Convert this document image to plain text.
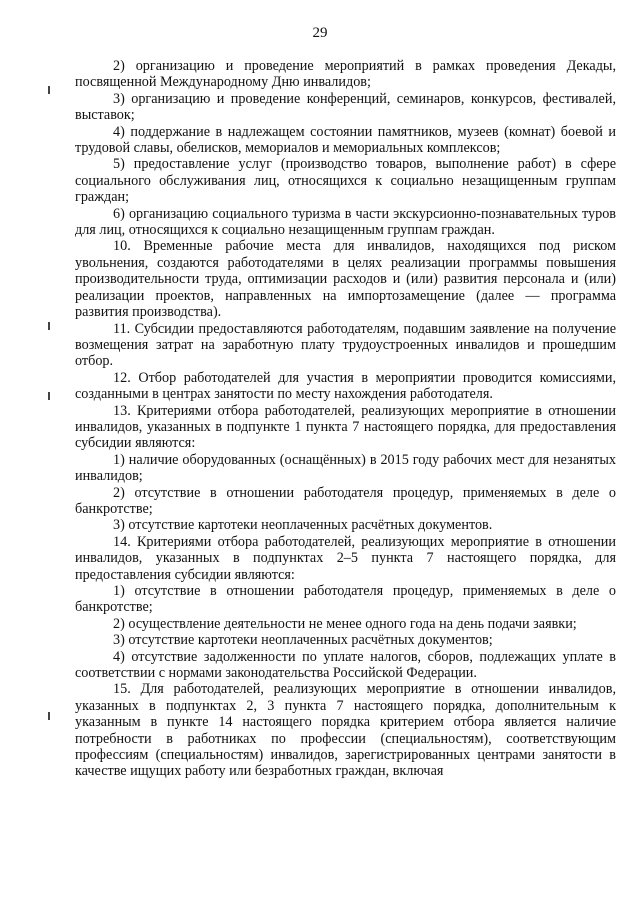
29

2) организацию и проведение мероприятий в рамках проведения Декады, посвященной Международному Дню инвалидов;

3) организацию и проведение конференций, семинаров, конкурсов, фестивалей, выставок;

4) поддержание в надлежащем состоянии памятников, музеев (комнат) боевой и трудовой славы, обелисков, мемориалов и мемориальных комплексов;

5) предоставление услуг (производство товаров, выполнение работ) в сфере социального обслуживания лиц, относящихся к социально незащищенным группам граждан;

6) организацию социального туризма в части экскурсионно-познавательных туров для лиц, относящихся к социально незащищенным группам граждан.

10. Временные рабочие места для инвалидов, находящихся под риском увольнения, создаются работодателями в целях реализации программы повышения производительности труда, оптимизации расходов и (или) развития персонала и (или) реализации проектов, направленных на импортозамещение (далее — программа развития производства).

11. Субсидии предоставляются работодателям, подавшим заявление на получение возмещения затрат на заработную плату трудоустроенных инвалидов и прошедшим отбор.

12. Отбор работодателей для участия в мероприятии проводится комиссиями, созданными в центрах занятости по месту нахождения работодателя.

13. Критериями отбора работодателей, реализующих мероприятие в отношении инвалидов, указанных в подпункте 1 пункта 7 настоящего порядка, для предоставления субсидии являются:

1) наличие оборудованных (оснащённых) в 2015 году рабочих мест для незанятых инвалидов;

2) отсутствие в отношении работодателя процедур, применяемых в деле о банкротстве;

3) отсутствие картотеки неоплаченных расчётных документов.

14. Критериями отбора работодателей, реализующих мероприятие в отношении инвалидов, указанных в подпунктах 2–5 пункта 7 настоящего порядка, для предоставления субсидии являются:

1) отсутствие в отношении работодателя процедур, применяемых в деле о банкротстве;

2) осуществление деятельности не менее одного года на день подачи заявки;

3) отсутствие картотеки неоплаченных расчётных документов;

4) отсутствие задолженности по уплате налогов, сборов, подлежащих уплате в соответствии с нормами законодательства Российской Федерации.

15. Для работодателей, реализующих мероприятие в отношении инвалидов, указанных в подпунктах 2, 3 пункта 7 настоящего порядка, дополнительным к указанным в пункте 14 настоящего порядка критерием отбора является наличие потребности в работниках по профессии (специальностям), соответствующим профессиям (специальностям) инвалидов, зарегистрированных центрами занятости в качестве ищущих работу или безработных граждан, включая
